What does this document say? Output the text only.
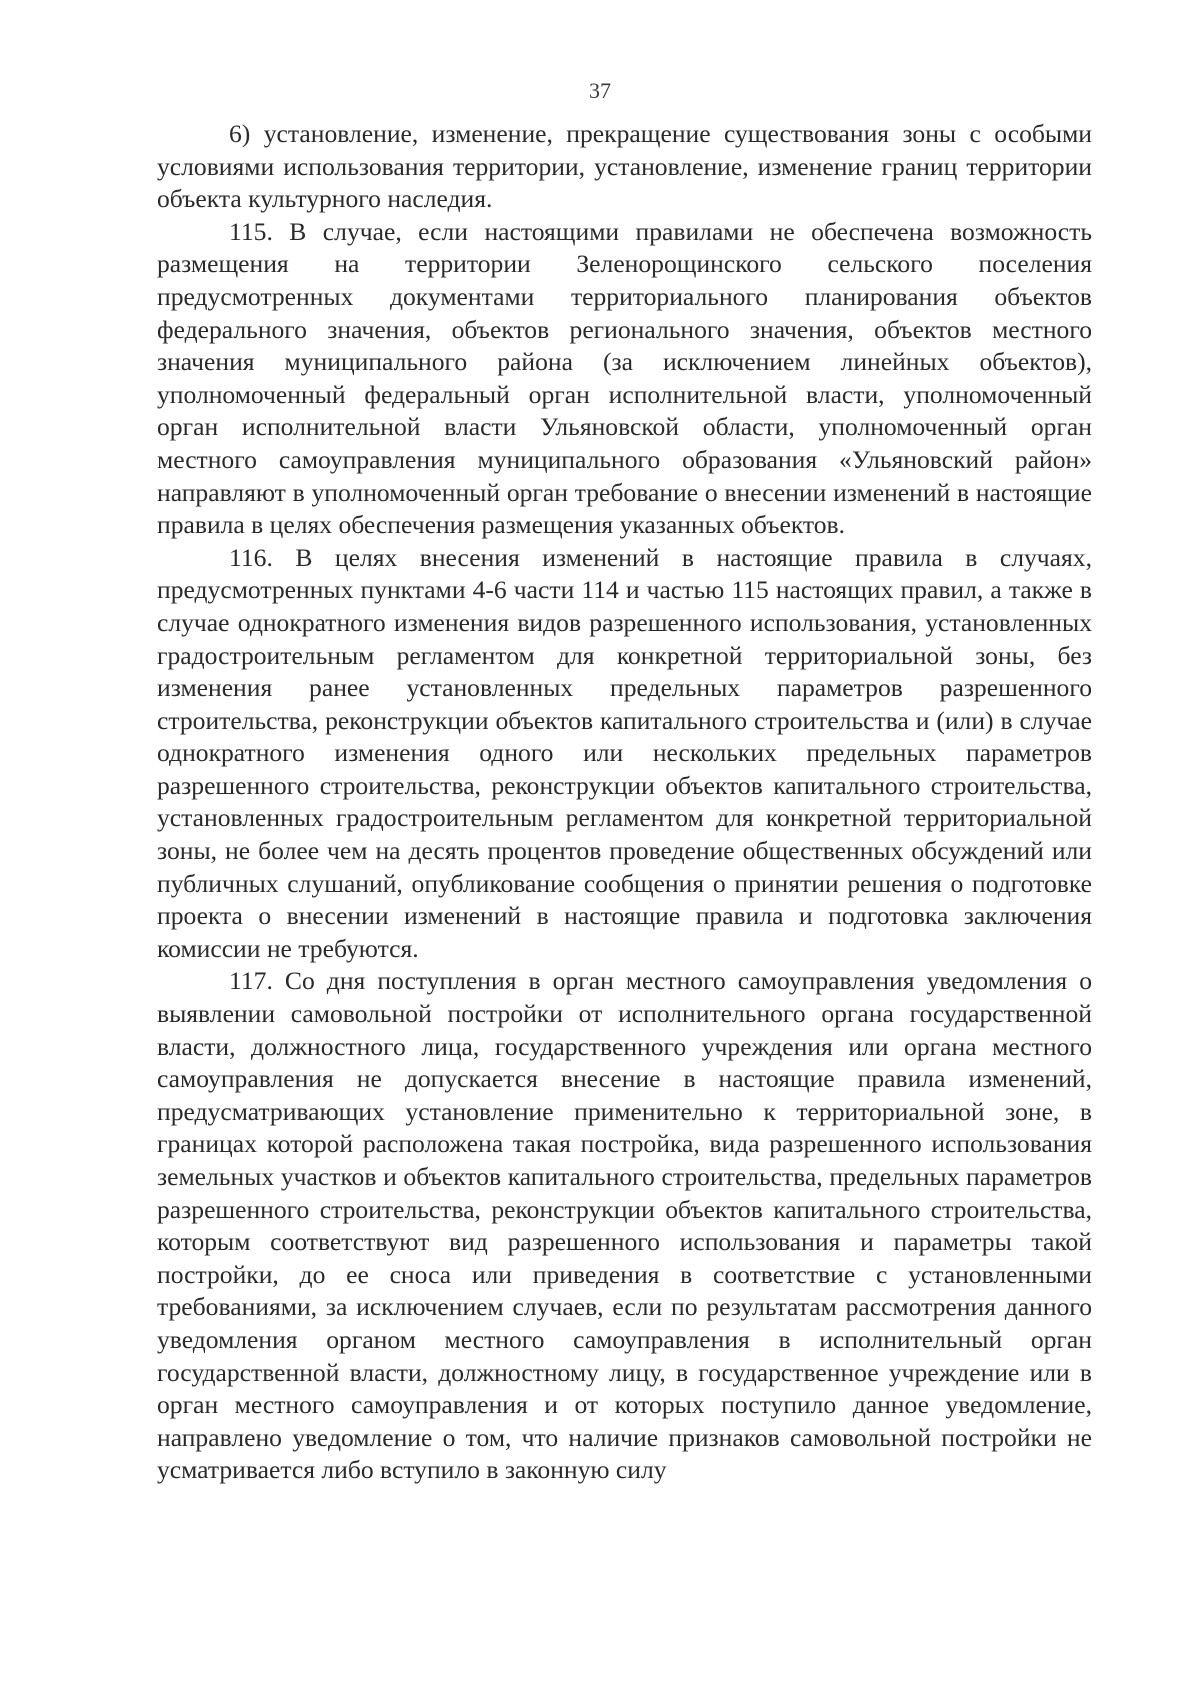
37

6) установление, изменение, прекращение существования зоны с особыми условиями использования территории, установление, изменение границ территории объекта культурного наследия.

115. В случае, если настоящими правилами не обеспечена возможность размещения на территории Зеленорощинского сельского поселения предусмотренных документами территориального планирования объектов федерального значения, объектов регионального значения, объектов местного значения муниципального района (за исключением линейных объектов), уполномоченный федеральный орган исполнительной власти, уполномоченный орган исполнительной власти Ульяновской области, уполномоченный орган местного самоуправления муниципального образования «Ульяновский район» направляют в уполномоченный орган требование о внесении изменений в настоящие правила в целях обеспечения размещения указанных объектов.

116. В целях внесения изменений в настоящие правила в случаях, предусмотренных пунктами 4-6 части 114 и частью 115 настоящих правил, а также в случае однократного изменения видов разрешенного использования, установленных градостроительным регламентом для конкретной территориальной зоны, без изменения ранее установленных предельных параметров разрешенного строительства, реконструкции объектов капитального строительства и (или) в случае однократного изменения одного или нескольких предельных параметров разрешенного строительства, реконструкции объектов капитального строительства, установленных градостроительным регламентом для конкретной территориальной зоны, не более чем на десять процентов проведение общественных обсуждений или публичных слушаний, опубликование сообщения о принятии решения о подготовке проекта о внесении изменений в настоящие правила и подготовка заключения комиссии не требуются.

117. Со дня поступления в орган местного самоуправления уведомления о выявлении самовольной постройки от исполнительного органа государственной власти, должностного лица, государственного учреждения или органа местного самоуправления не допускается внесение в настоящие правила изменений, предусматривающих установление применительно к территориальной зоне, в границах которой расположена такая постройка, вида разрешенного использования земельных участков и объектов капитального строительства, предельных параметров разрешенного строительства, реконструкции объектов капитального строительства, которым соответствуют вид разрешенного использования и параметры такой постройки, до ее сноса или приведения в соответствие с установленными требованиями, за исключением случаев, если по результатам рассмотрения данного уведомления органом местного самоуправления в исполнительный орган государственной власти, должностному лицу, в государственное учреждение или в орган местного самоуправления и от которых поступило данное уведомление, направлено уведомление о том, что наличие признаков самовольной постройки не усматривается либо вступило в законную силу
